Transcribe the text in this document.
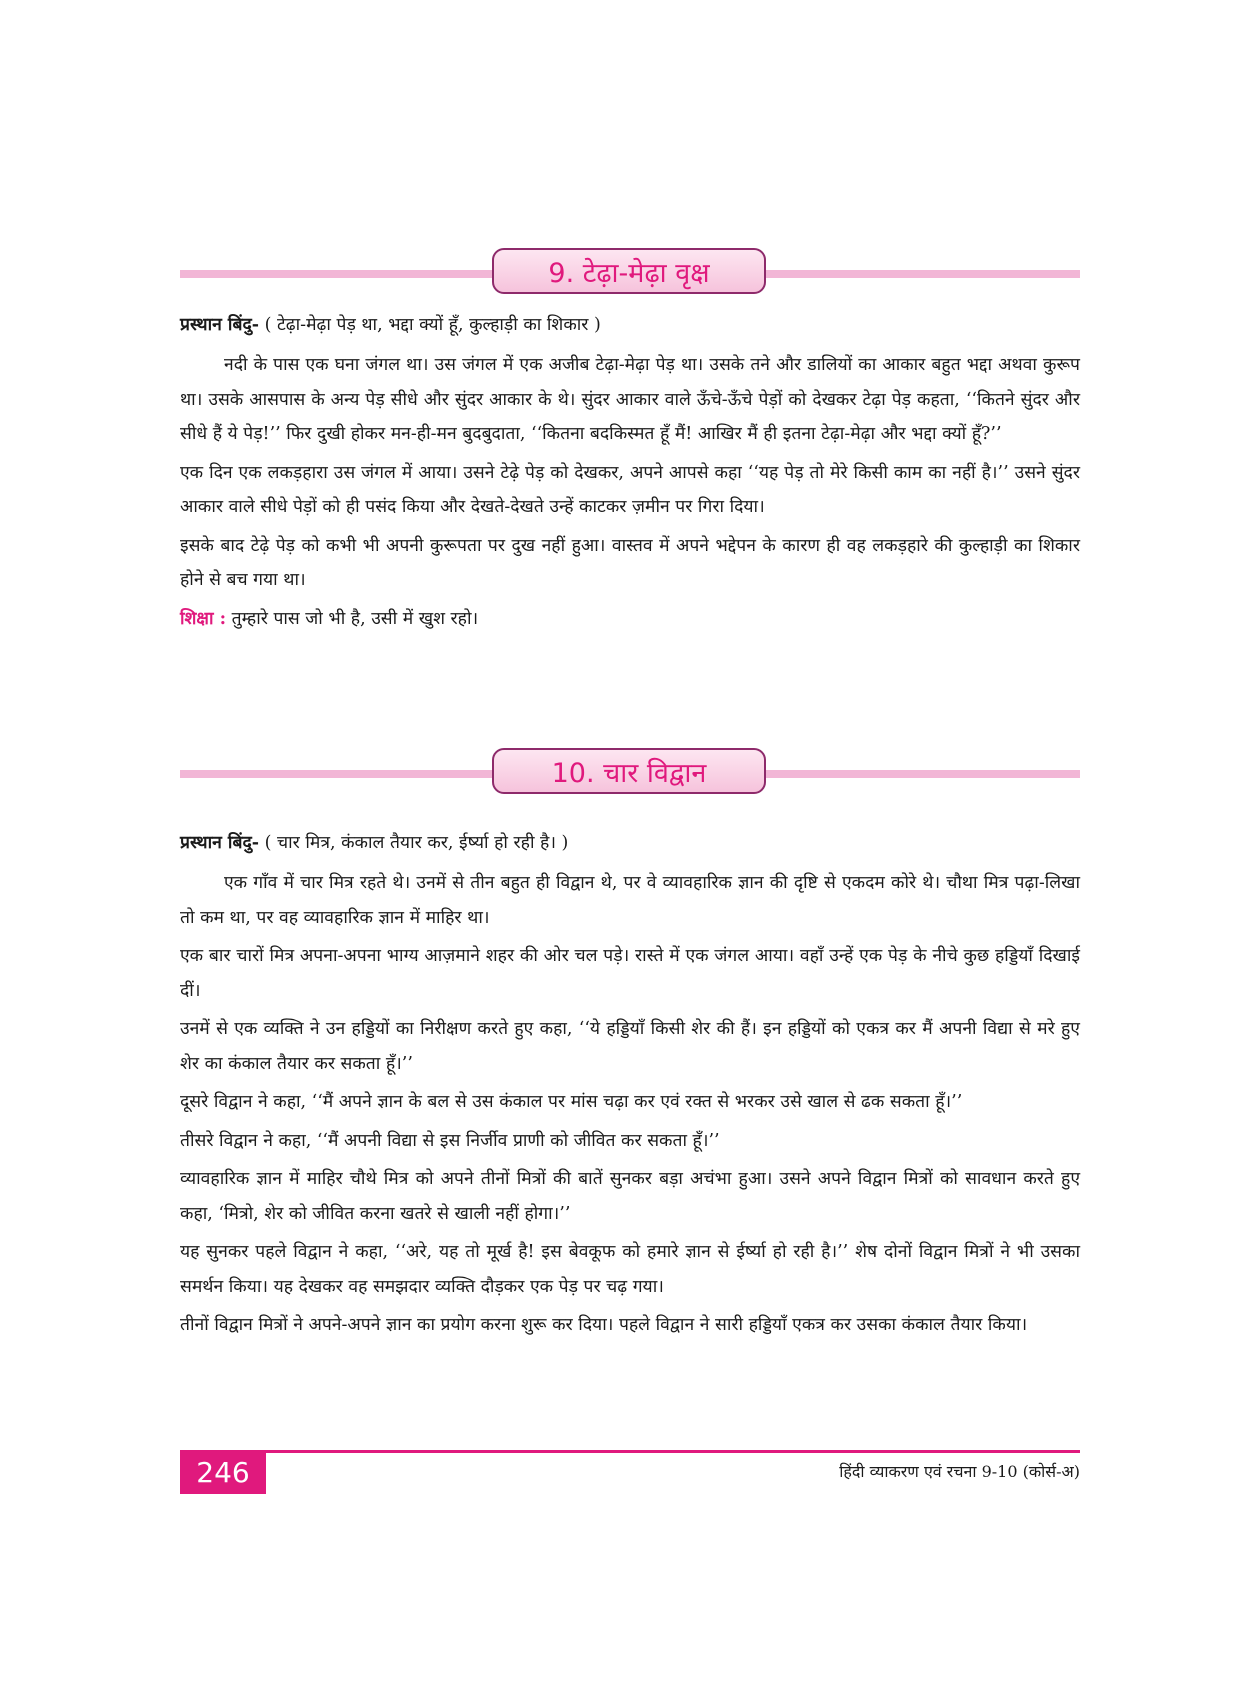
9. टेढ़ा-मेढ़ा वृक्ष

प्रस्थान बिंदु- ( टेढ़ा-मेढ़ा पेड़ था, भद्दा क्यों हूँ, कुल्हाड़ी का शिकार )

नदी के पास एक घना जंगल था। उस जंगल में एक अजीब टेढ़ा-मेढ़ा पेड़ था। उसके तने और डालियों का आकार बहुत भद्दा अथवा कुरूप था। उसके आसपास के अन्य पेड़ सीधे और सुंदर आकार के थे। सुंदर आकार वाले ऊँचे-ऊँचे पेड़ों को देखकर टेढ़ा पेड़ कहता, ‘‘कितने सुंदर और सीधे हैं ये पेड़!’’ फिर दुखी होकर मन-ही-मन बुदबुदाता, ‘‘कितना बदकिस्मत हूँ मैं! आखिर मैं ही इतना टेढ़ा-मेढ़ा और भद्दा क्यों हूँ?’’

एक दिन एक लकड़हारा उस जंगल में आया। उसने टेढ़े पेड़ को देखकर, अपने आपसे कहा ‘‘यह पेड़ तो मेरे किसी काम का नहीं है।’’ उसने सुंदर आकार वाले सीधे पेड़ों को ही पसंद किया और देखते-देखते उन्हें काटकर ज़मीन पर गिरा दिया।

इसके बाद टेढ़े पेड़ को कभी भी अपनी कुरूपता पर दुख नहीं हुआ। वास्तव में अपने भद्देपन के कारण ही वह लकड़हारे की कुल्हाड़ी का शिकार होने से बच गया था।

शिक्षा : तुम्हारे पास जो भी है, उसी में खुश रहो।

10. चार विद्वान

प्रस्थान बिंदु- ( चार मित्र, कंकाल तैयार कर, ईर्ष्या हो रही है। )

एक गाँव में चार मित्र रहते थे। उनमें से तीन बहुत ही विद्वान थे, पर वे व्यावहारिक ज्ञान की दृष्टि से एकदम कोरे थे। चौथा मित्र पढ़ा-लिखा तो कम था, पर वह व्यावहारिक ज्ञान में माहिर था।

एक बार चारों मित्र अपना-अपना भाग्य आज़माने शहर की ओर चल पड़े। रास्ते में एक जंगल आया। वहाँ उन्हें एक पेड़ के नीचे कुछ हड्डियाँ दिखाई दीं।

उनमें से एक व्यक्ति ने उन हड्डियों का निरीक्षण करते हुए कहा, ‘‘ये हड्डियाँ किसी शेर की हैं। इन हड्डियों को एकत्र कर मैं अपनी विद्या से मरे हुए शेर का कंकाल तैयार कर सकता हूँ।’’

दूसरे विद्वान ने कहा, ‘‘मैं अपने ज्ञान के बल से उस कंकाल पर मांस चढ़ा कर एवं रक्त से भरकर उसे खाल से ढक सकता हूँ।’’

तीसरे विद्वान ने कहा, ‘‘मैं अपनी विद्या से इस निर्जीव प्राणी को जीवित कर सकता हूँ।’’

व्यावहारिक ज्ञान में माहिर चौथे मित्र को अपने तीनों मित्रों की बातें सुनकर बड़ा अचंभा हुआ। उसने अपने विद्वान मित्रों को सावधान करते हुए कहा, ‘मित्रो, शेर को जीवित करना खतरे से खाली नहीं होगा।’’

यह सुनकर पहले विद्वान ने कहा, ‘‘अरे, यह तो मूर्ख है! इस बेवकूफ को हमारे ज्ञान से ईर्ष्या हो रही है।’’ शेष दोनों विद्वान मित्रों ने भी उसका समर्थन किया। यह देखकर वह समझदार व्यक्ति दौड़कर एक पेड़ पर चढ़ गया।

तीनों विद्वान मित्रों ने अपने-अपने ज्ञान का प्रयोग करना शुरू कर दिया। पहले विद्वान ने सारी हड्डियाँ एकत्र कर उसका कंकाल तैयार किया।

246	हिंदी व्याकरण एवं रचना 9-10 (कोर्स-अ)
